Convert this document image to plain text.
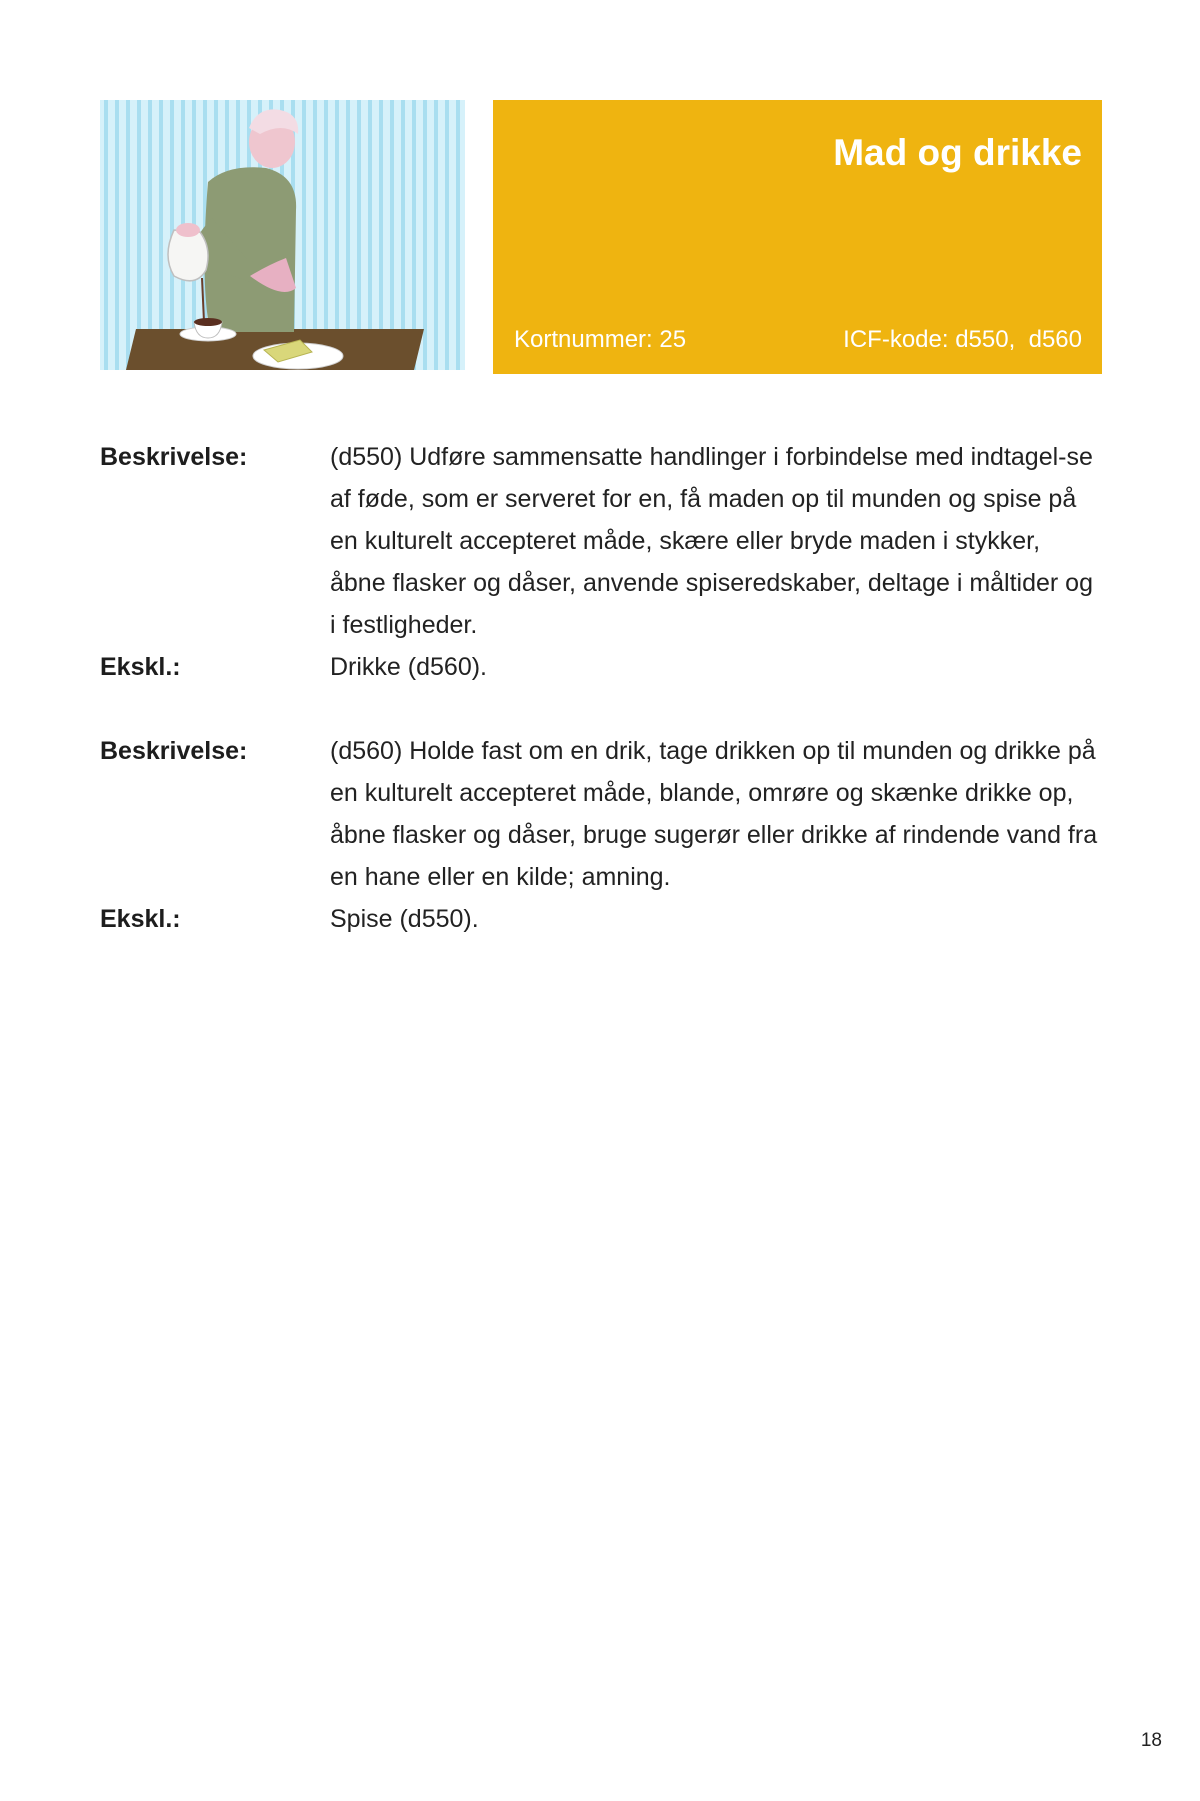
Mad og drikke
Kortnummer: 25	ICF-kode: d550,  d560
Beskrivelse:	(d550) Udføre sammensatte handlinger i forbindelse med indtagel-se af føde, som er serveret for en, få maden op til munden og spise på en kulturelt accepteret måde, skære eller bryde maden i stykker, åbne flasker og dåser, anvende spiseredskaber, deltage i måltider og i festligheder.
Ekskl.:	Drikke (d560).
Beskrivelse:	(d560) Holde fast om en drik, tage drikken op til munden og drikke på en kulturelt accepteret måde, blande, omrøre og skænke drikke op, åbne flasker og dåser, bruge sugerør eller drikke af rindende vand fra en hane eller en kilde; amning.
Ekskl.:	Spise (d550).
18
